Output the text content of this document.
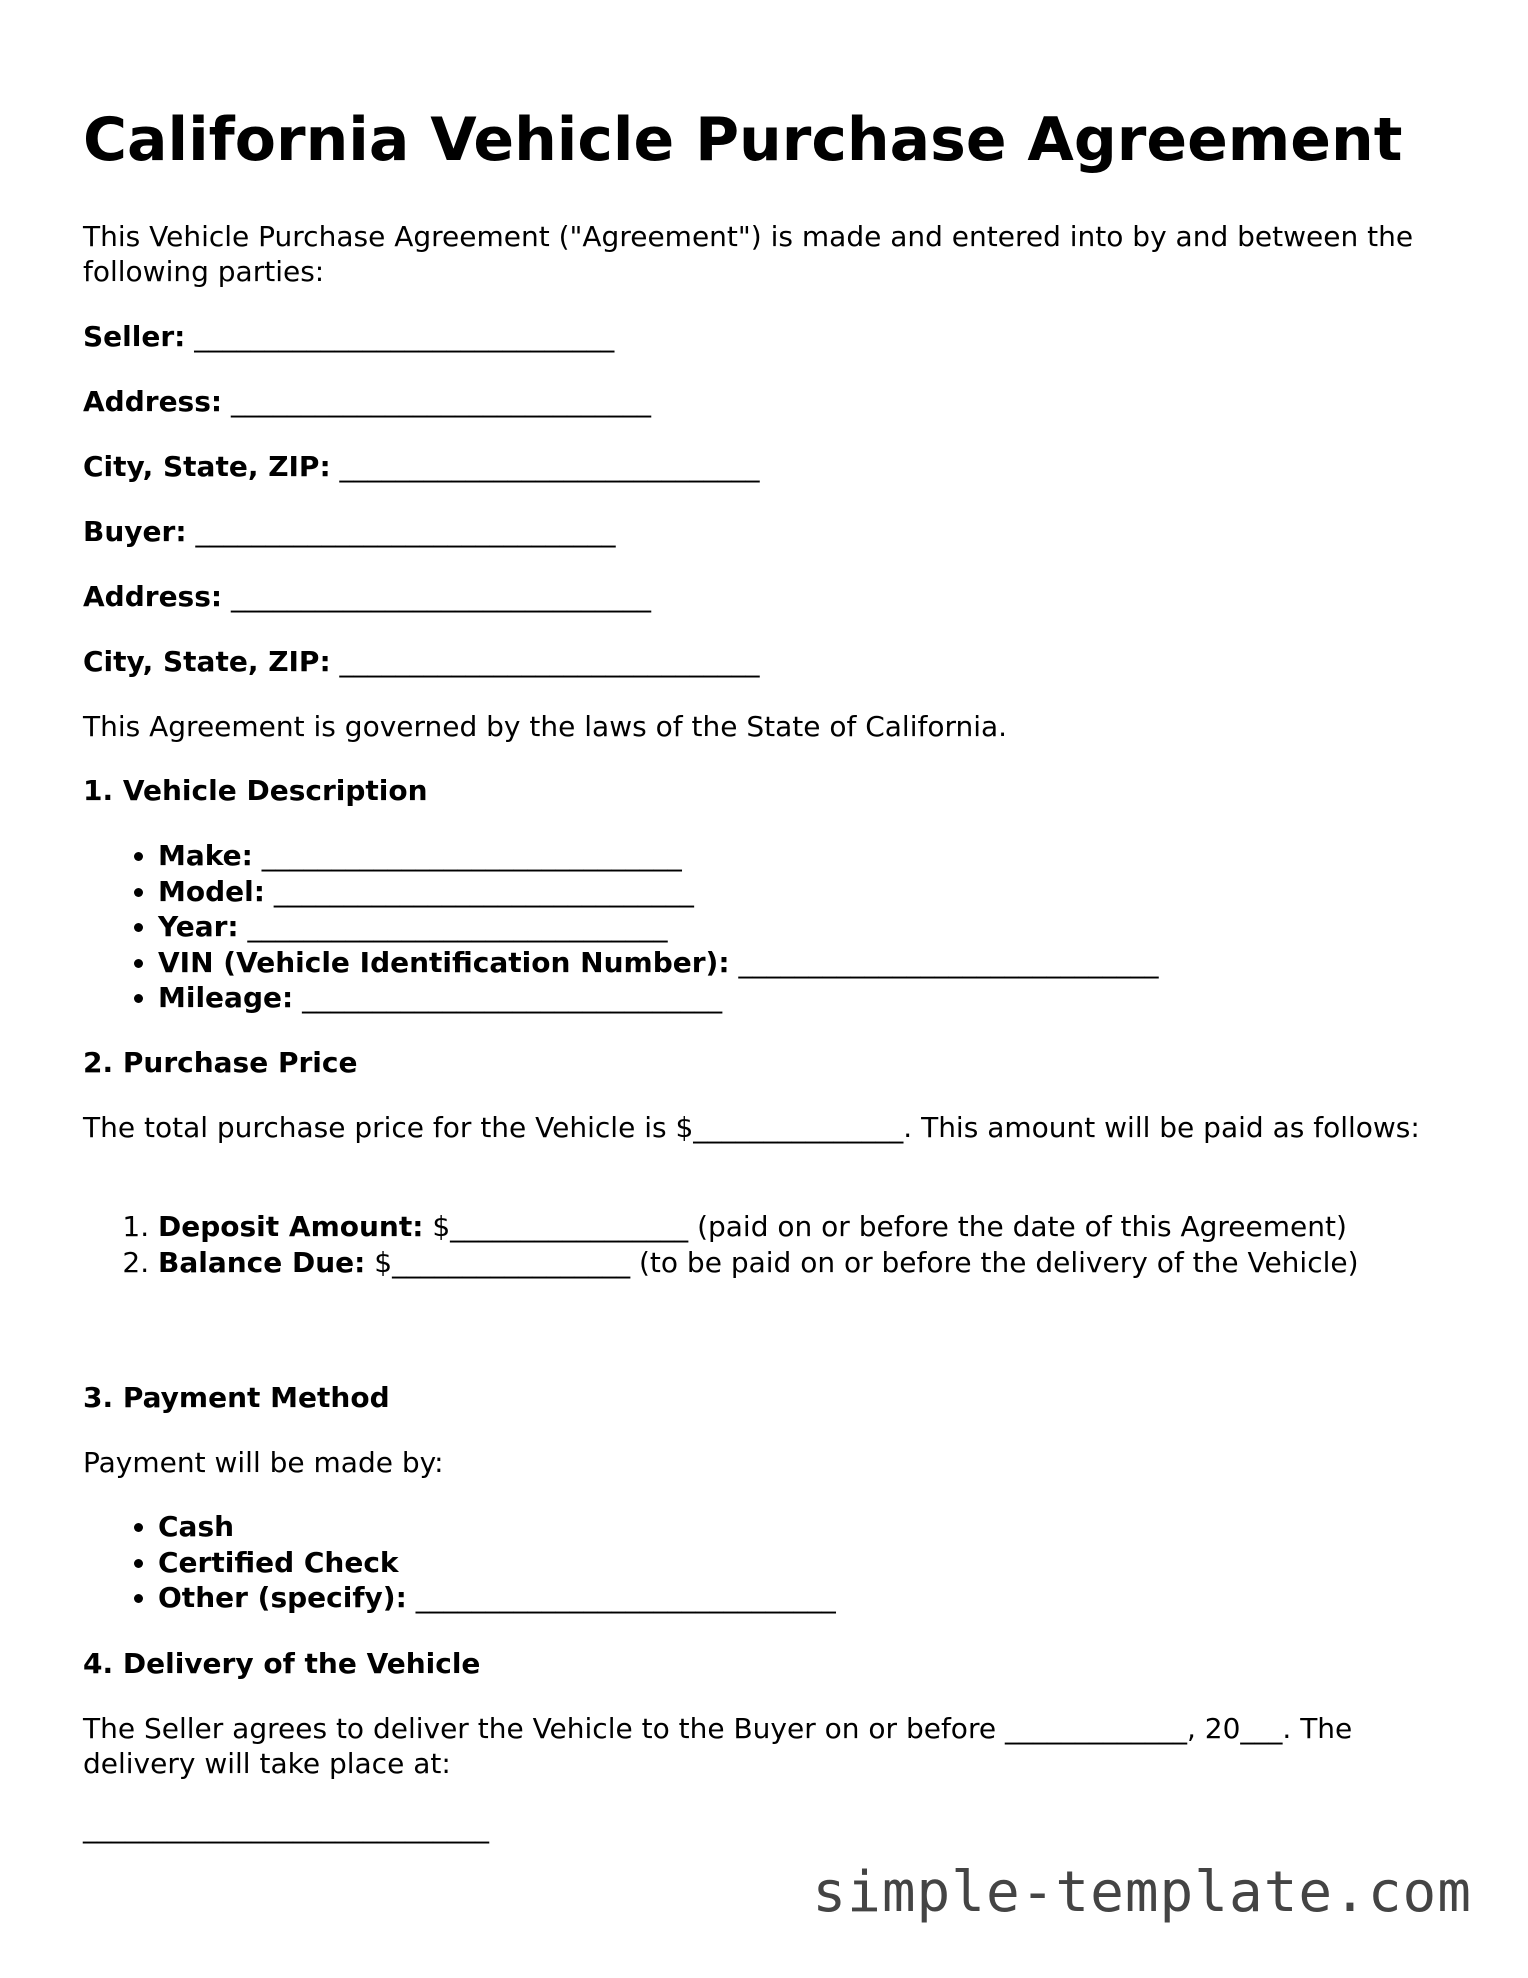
California Vehicle Purchase Agreement

This Vehicle Purchase Agreement ("Agreement") is made and entered into by and between the following parties:

Seller: ______________________________

Address: ______________________________

City, State, ZIP: ______________________________

Buyer: ______________________________

Address: ______________________________

City, State, ZIP: ______________________________

This Agreement is governed by the laws of the State of California.

1. Vehicle Description

• Make: ______________________________
• Model: ______________________________
• Year: ______________________________
• VIN (Vehicle Identification Number): ______________________________
• Mileage: ______________________________

2. Purchase Price

The total purchase price for the Vehicle is $_______________. This amount will be paid as follows:

1. Deposit Amount: $_________________ (paid on or before the date of this Agreement)
2. Balance Due: $_________________ (to be paid on or before the delivery of the Vehicle)

3. Payment Method

Payment will be made by:

• Cash
• Certified Check
• Other (specify): ______________________________

4. Delivery of the Vehicle

The Seller agrees to deliver the Vehicle to the Buyer on or before _____________, 20___. The delivery will take place at:

_____________________________

simple-template.com
